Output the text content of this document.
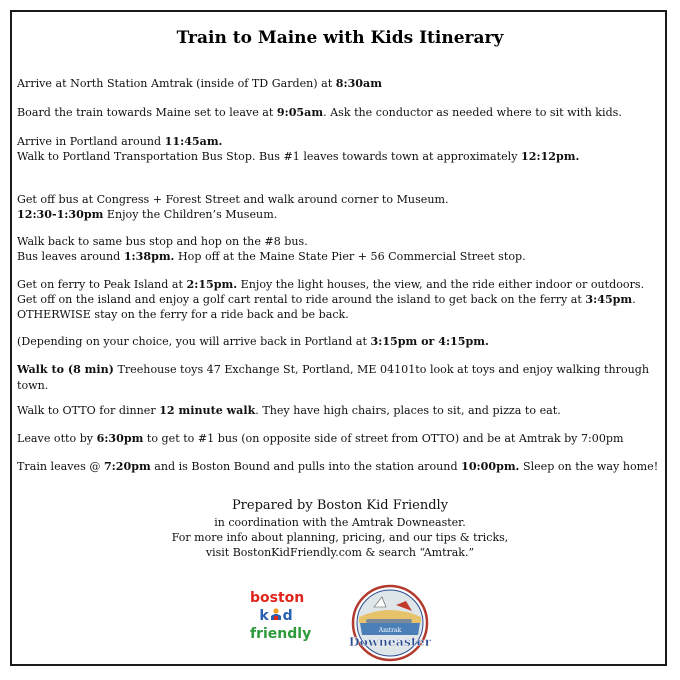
Train to Maine with Kids Itinerary
Arrive at North Station Amtrak (inside of TD Garden) at 8:30am
Board the train towards Maine set to leave at 9:05am. Ask the conductor as needed where to sit with kids.
Arrive in Portland around 11:45am.
Walk to Portland Transportation Bus Stop. Bus #1 leaves towards town at approximately 12:12pm.
Get off bus at Congress + Forest Street and walk around corner to Museum.
12:30-1:30pm Enjoy the Children’s Museum.
Walk back to same bus stop and hop on the #8 bus.
Bus leaves around 1:38pm. Hop off at the Maine State Pier + 56 Commercial Street stop.
Get on ferry to Peak Island at 2:15pm. Enjoy the light houses, the view, and the ride either indoor or outdoors.
Get off on the island and enjoy a golf cart rental to ride around the island to get back on the ferry at 3:45pm.
OTHERWISE stay on the ferry for a ride back and be back.
(Depending on your choice, you will arrive back in Portland at 3:15pm or 4:15pm.
Walk to (8 min) Treehouse toys 47 Exchange St, Portland, ME 04101to look at toys and enjoy walking through town.
Walk to OTTO for dinner 12 minute walk. They have high chairs, places to sit, and pizza to eat.
Leave otto by 6:30pm to get to #1 bus (on opposite side of street from OTTO) and be at Amtrak by 7:00pm
Train leaves @ 7:20pm and is Boston Bound and pulls into the station around 10:00pm. Sleep on the way home!
Prepared by Boston Kid Friendly
in coordination with the Amtrak Downeaster.
For more info about planning, pricing, and our tips & tricks,
visit BostonKidFriendly.com & search “Amtrak.”
boston
k d
friendly	Amtrak
Downeaster
